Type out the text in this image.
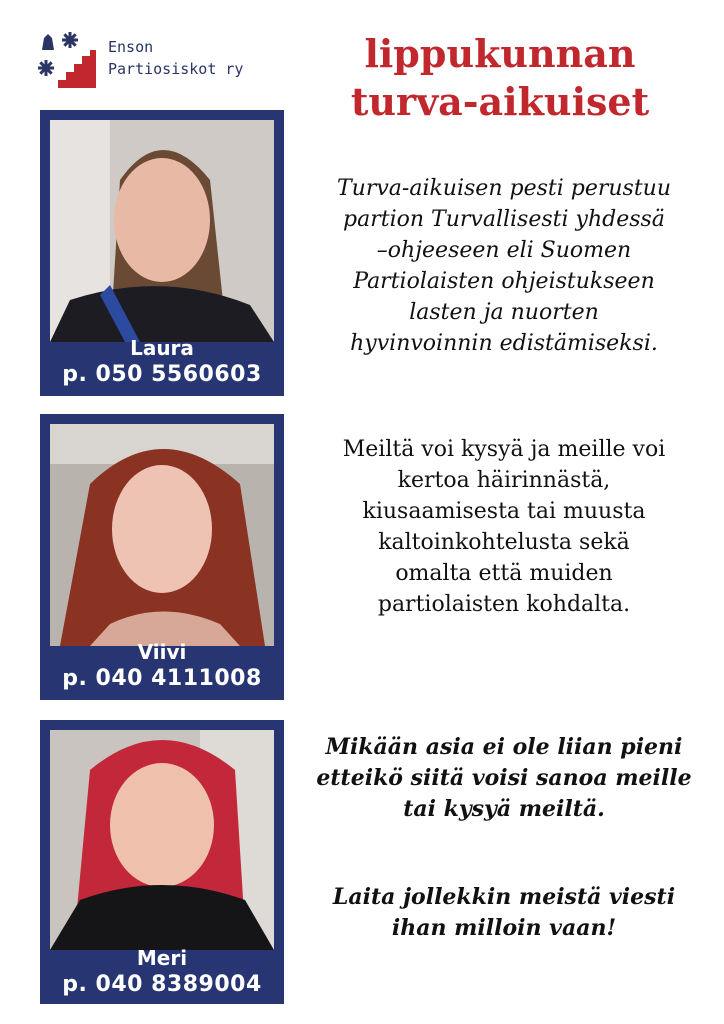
Enson
Partiosiskot ry	lippukunnan
turva-aikuiset
Laura
p. 050 5560603
Viivi
p. 040 4111008
Meri
p. 040 8389004
Turva-aikuisen pesti perustuu
partion Turvallisesti yhdessä
–ohjeeseen eli Suomen
Partiolaisten ohjeistukseen
lasten ja nuorten
hyvinvoinnin edistämiseksi.
Meiltä voi kysyä ja meille voi
kertoa häirinnästä,
kiusaamisesta tai muusta
kaltoinkohtelusta sekä
omalta että muiden
partiolaisten kohdalta.
Mikään asia ei ole liian pieni
etteikö siitä voisi sanoa meille
tai kysyä meiltä.
Laita jollekkin meistä viesti
ihan milloin vaan!
